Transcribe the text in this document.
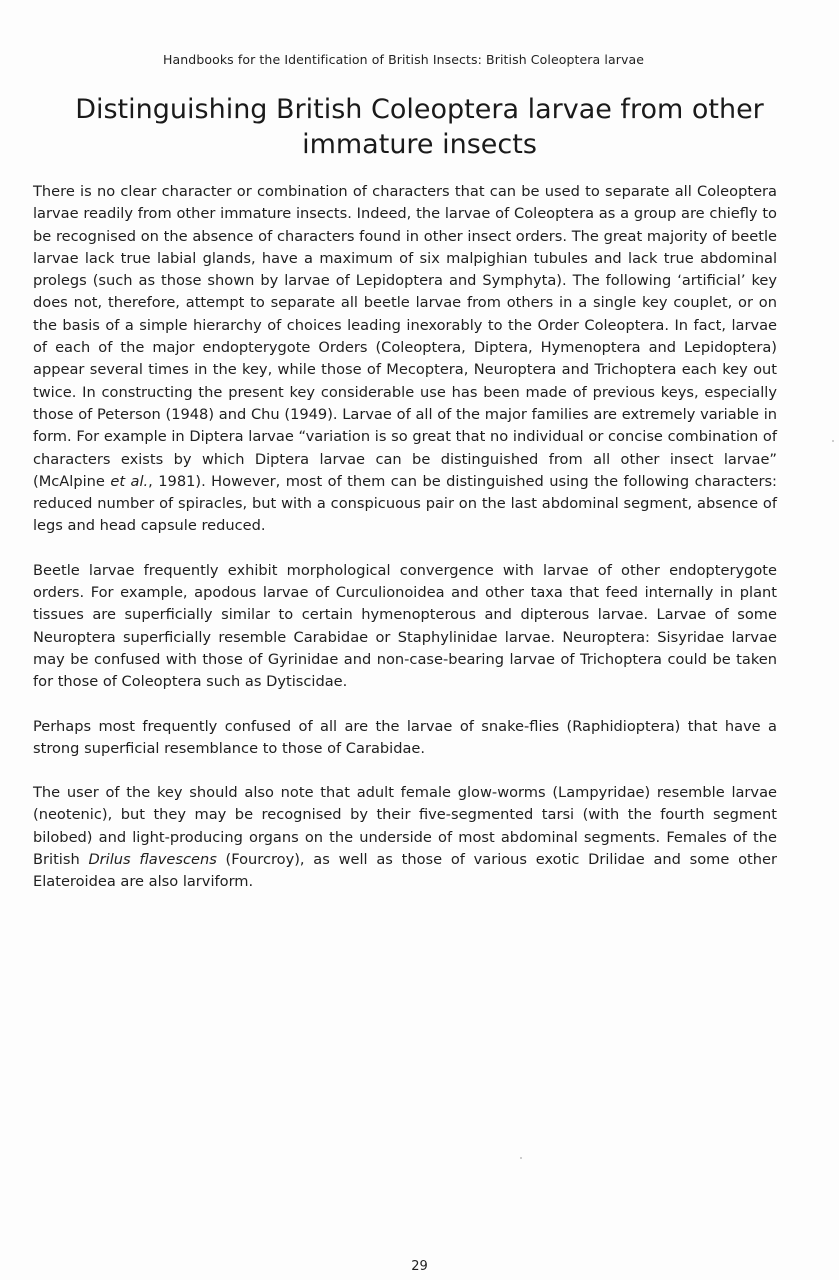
Handbooks for the Identification of British Insects: British Coleoptera larvae
Distinguishing British Coleoptera larvae from other immature insects

There is no clear character or combination of characters that can be used to separate all Coleoptera larvae readily from other immature insects. Indeed, the larvae of Coleoptera as a group are chiefly to be recognised on the absence of characters found in other insect orders. The great majority of beetle larvae lack true labial glands, have a maximum of six malpighian tubules and lack true abdominal prolegs (such as those shown by larvae of Lepidoptera and Symphyta). The following ‘artificial’ key does not, therefore, attempt to separate all beetle larvae from others in a single key couplet, or on the basis of a simple hierarchy of choices leading inexorably to the Order Coleoptera. In fact, larvae of each of the major endopterygote Orders (Coleoptera, Diptera, Hymenoptera and Lepidoptera) appear several times in the key, while those of Mecoptera, Neuroptera and Trichoptera each key out twice. In constructing the present key considerable use has been made of previous keys, especially those of Peterson (1948) and Chu (1949). Larvae of all of the major families are extremely variable in form. For example in Diptera larvae “variation is so great that no individual or concise combination of characters exists by which Diptera larvae can be distinguished from all other insect larvae” (McAlpine et al., 1981). However, most of them can be distinguished using the following characters: reduced number of spiracles, but with a conspicuous pair on the last abdominal segment, absence of legs and head capsule reduced.

Beetle larvae frequently exhibit morphological convergence with larvae of other endopterygote orders. For example, apodous larvae of Curculionoidea and other taxa that feed internally in plant tissues are superficially similar to certain hymenopterous and dipterous larvae. Larvae of some Neuroptera superficially resemble Carabidae or Staphylinidae larvae. Neuroptera: Sisyridae larvae may be confused with those of Gyrinidae and non-case-bearing larvae of Trichoptera could be taken for those of Coleoptera such as Dytiscidae.

Perhaps most frequently confused of all are the larvae of snake-flies (Raphidioptera) that have a strong superficial resemblance to those of Carabidae.

The user of the key should also note that adult female glow-worms (Lampyridae) resemble larvae (neotenic), but they may be recognised by their five-segmented tarsi (with the fourth segment bilobed) and light-producing organs on the underside of most abdominal segments. Females of the British Drilus flavescens (Fourcroy), as well as those of various exotic Drilidae and some other Elateroidea are also larviform.

29
